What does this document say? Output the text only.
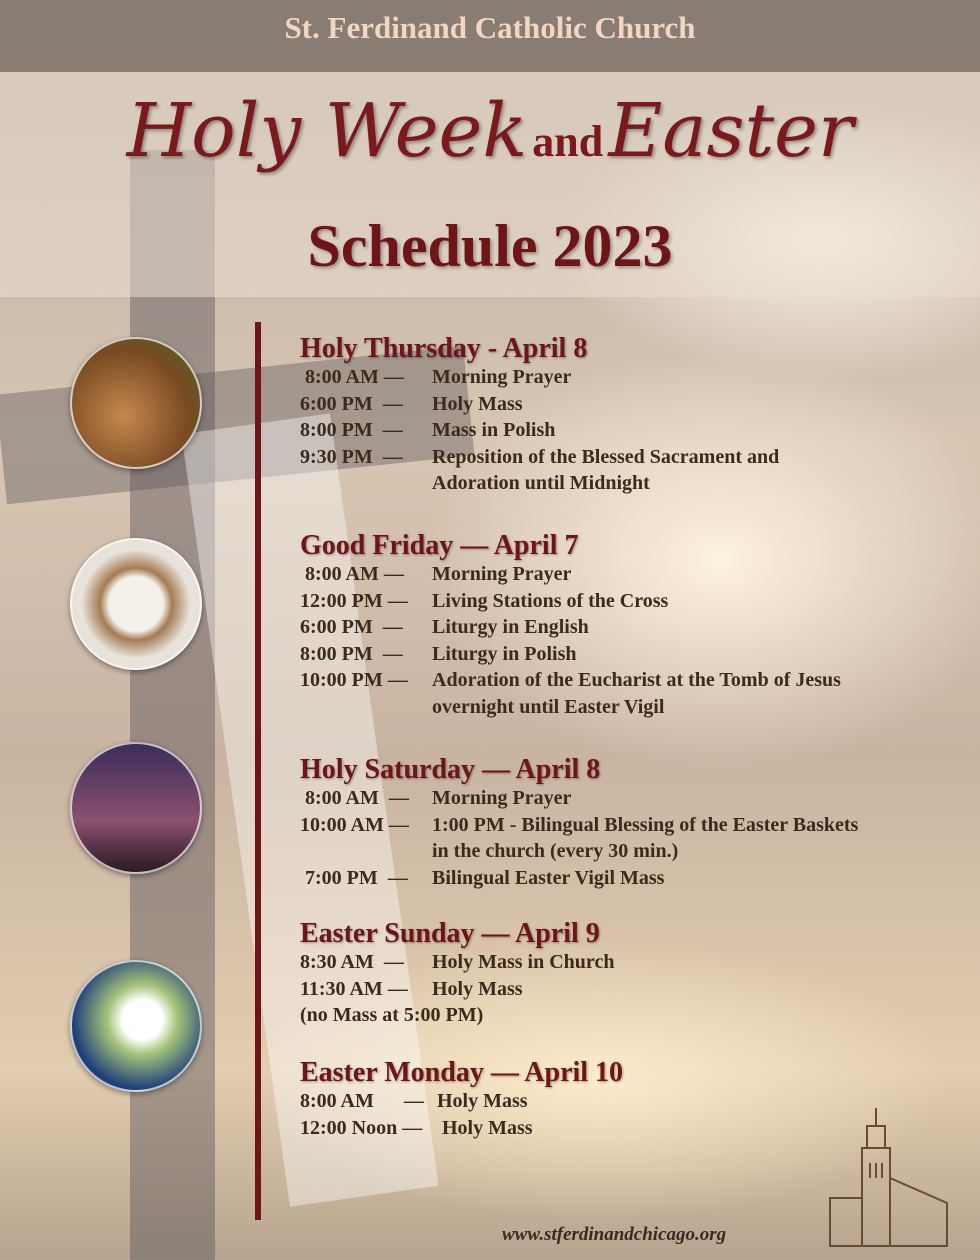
St. Ferdinand Catholic Church
Holy Week and Easter
Schedule 2023
Holy Thursday - April 8
8:00 AM —	Morning Prayer
6:00 PM  —	Holy Mass
8:00 PM  —	Mass in Polish
9:30 PM  —	Reposition of the Blessed Sacrament and
Adoration until Midnight
Good Friday — April 7
8:00 AM —	Morning Prayer
12:00 PM —	Living Stations of the Cross
6:00 PM  —	Liturgy in English
8:00 PM  —	Liturgy in Polish
10:00 PM —	Adoration of the Eucharist at the Tomb of Jesus
overnight until Easter Vigil
Holy Saturday — April 8
8:00 AM  —	Morning Prayer
10:00 AM —	1:00 PM - Bilingual Blessing of the Easter Baskets
in the church (every 30 min.)
7:00 PM  —	Bilingual Easter Vigil Mass
Easter Sunday — April 9
8:30 AM  —	Holy Mass in Church
11:30 AM —	Holy Mass
(no Mass at 5:00 PM)
Easter Monday — April 10
8:00 AM      — Holy Mass
12:00 Noon — Holy Mass
www.stferdinandchicago.org
